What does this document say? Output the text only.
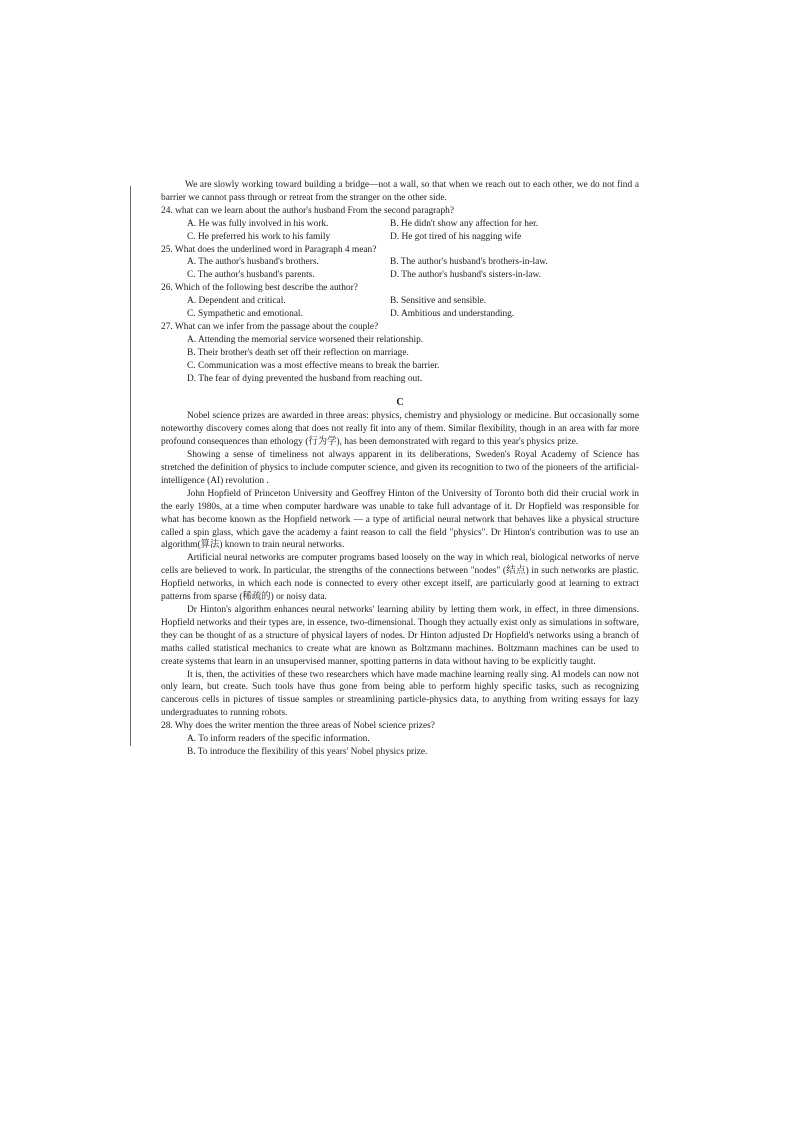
We are slowly working toward building a bridge—not a wall, so that when we reach out to each other, we do not find a barrier we cannot pass through or retreat from the stranger on the other side.

24. what can we learn about the author's husband From the second paragraph?

A. He was fully involved in his work.	B. He didn't show any affection for her.
C. He preferred his work to his family	D. He got tired of his nagging wife

25. What does the underlined word in Paragraph 4 mean?

A. The author's husband's brothers.	B. The author's husband's brothers-in-law.
C. The author's husband's parents.	D. The author's husband's sisters-in-law.

26. Which of the following best describe the author?

A. Dependent and critical.	B. Sensitive and sensible.
C. Sympathetic and emotional.	D. Ambitious and understanding.

27. What can we infer from the passage about the couple?

A. Attending the memorial service worsened their relationship.
B. Their brother's death set off their reflection on marriage.
C. Communication was a most effective means to break the barrier.
D. The fear of dying prevented the husband from reaching out.
C

Nobel science prizes are awarded in three areas: physics, chemistry and physiology or medicine. But occasionally some noteworthy discovery comes along that does not really fit into any of them. Similar flexibility, though in an area with far more profound consequences than ethology (行为学), has been demonstrated with regard to this year's physics prize.

Showing a sense of timeliness not always apparent in its deliberations, Sweden's Royal Academy of Science has stretched the definition of physics to include computer science, and given its recognition to two of the pioneers of the artificial-intelligence (AI) revolution .

John Hopfield of Princeton University and Geoffrey Hinton of the University of Toronto both did their crucial work in the early 1980s, at a time when computer hardware was unable to take full advantage of it. Dr Hopfield was responsible for what has become known as the Hopfield network — a type of artificial neural network that behaves like a physical structure called a spin glass, which gave the academy a faint reason to call the field "physics". Dr Hinton's contribution was to use an algorithm(算法) known to train neural networks.

Artificial neural networks are computer programs based loosely on the way in which real, biological networks of nerve cells are believed to work. In particular, the strengths of the connections between "nodes" (结点) in such networks are plastic. Hopfield networks, in which each node is connected to every other except itself, are particularly good at learning to extract patterns from sparse (稀疏的) or noisy data.

Dr Hinton's algorithm enhances neural networks' learning ability by letting them work, in effect, in three dimensions. Hopfield networks and their types are, in essence, two-dimensional. Though they actually exist only as simulations in software, they can be thought of as a structure of physical layers of nodes. Dr Hinton adjusted Dr Hopfield's networks using a branch of maths called statistical mechanics to create what are known as Boltzmann machines. Boltzmann machines can be used to create systems that learn in an unsupervised manner, spotting patterns in data without having to be explicitly taught.

It is, then, the activities of these two researchers which have made machine learning really sing. AI models can now not only learn, but create. Such tools have thus gone from being able to perform highly specific tasks, such as recognizing cancerous cells in pictures of tissue samples or streamlining particle-physics data, to anything from writing essays for lazy undergraduates to running robots.

28. Why does the writer mention the three areas of Nobel science prizes?

A. To inform readers of the specific information.
B. To introduce the flexibility of this years' Nobel physics prize.
